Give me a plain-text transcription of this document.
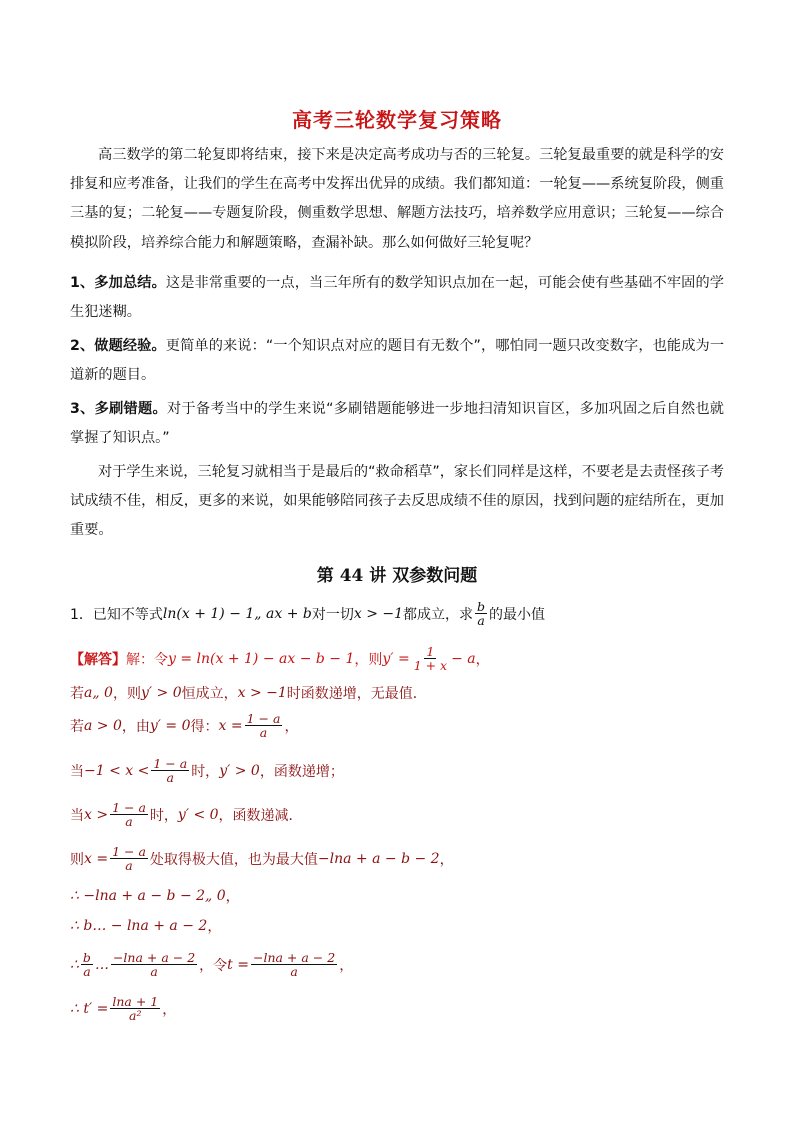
高考三轮数学复习策略
高三数学的第二轮复即将结束，接下来是决定高考成功与否的三轮复。三轮复最重要的就是科学的安排复和应考准备，让我们的学生在高考中发挥出优异的成绩。我们都知道：一轮复——系统复阶段，侧重三基的复；二轮复——专题复阶段，侧重数学思想、解题方法技巧，培养数学应用意识；三轮复——综合模拟阶段，培养综合能力和解题策略，查漏补缺。那么如何做好三轮复呢？
1、多加总结。这是非常重要的一点，当三年所有的数学知识点加在一起，可能会使有些基础不牢固的学生犯迷糊。
2、做题经验。更简单的来说：“一个知识点对应的题目有无数个”，哪怕同一题只改变数字，也能成为一道新的题目。
3、多刷错题。对于备考当中的学生来说“多刷错题能够进一步地扫清知识盲区，多加巩固之后自然也就掌握了知识点。”
对于学生来说，三轮复习就相当于是最后的“救命稻草”，家长们同样是这样，不要老是去责怪孩子考试成绩不佳，相反，更多的来说，如果能够陪同孩子去反思成绩不佳的原因，找到问题的症结所在，更加重要。
第 44 讲 双参数问题
1． 已知不等式 ln(x + 1) − 1„ ax + b 对一切 x > −1 都成立，求 $\frac{b}{a}$ 的最小值
【解答】 解：令 y = ln(x + 1) − ax − b − 1 ，则 $y' = \frac{1}{1 + x} - a$ ，
若 a„ 0 ，则 y′ > 0 恒成立， x > −1 时函数递增，无最值．
若 a > 0 ，由 y′ = 0 得： $x = \frac{1 - a}{a}$ ，
当 $-1 < x < \frac{1 - a}{a}$ 时， y′ > 0 ，函数递增；
当 $x > \frac{1 - a}{a}$ 时， y′ < 0 ，函数递减．
则 $x = \frac{1 - a}{a}$ 处取得极大值，也为最大值 −lna + a − b − 2 ，
∴ −lna + a − b − 2„ 0 ，
∴ b… − lna + a − 2 ，
∴ $\frac{b}{a}$ … $\frac{-\ln a + a - 2}{a}$ ，令 $t = \frac{-\ln a + a - 2}{a}$ ，
∴ $t' = \frac{\ln a + 1}{\text{a²}}$ ，
